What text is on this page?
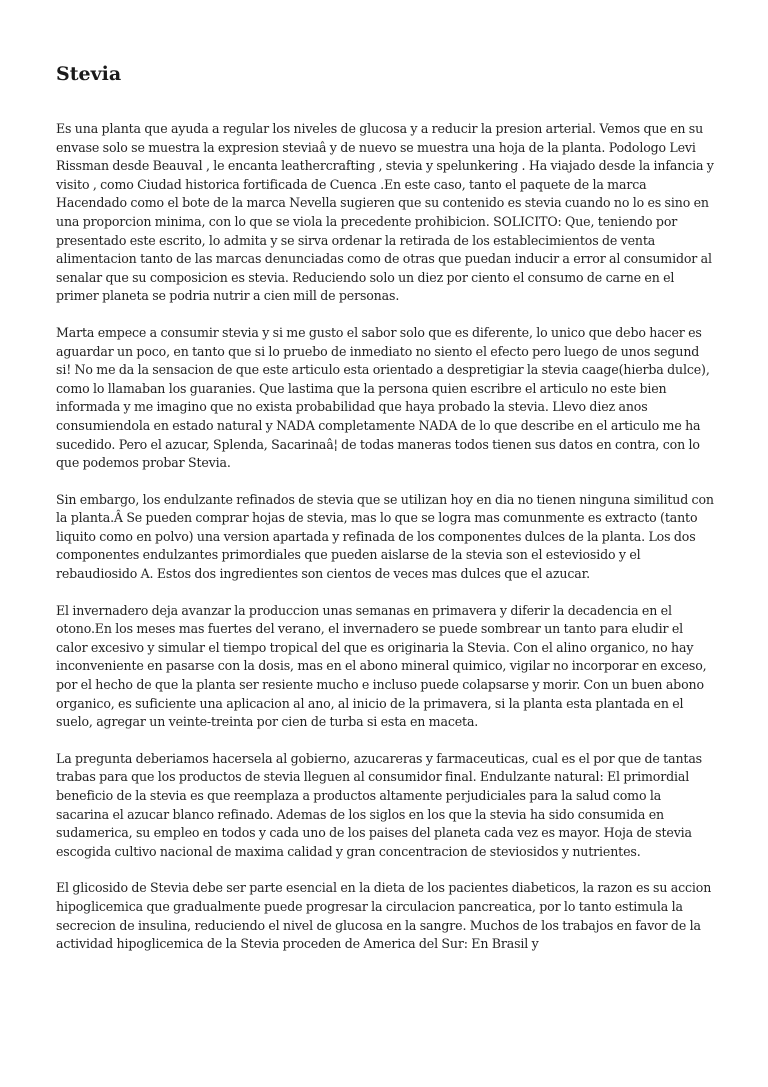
Stevia

Es una planta que ayuda a regular los niveles de glucosa y a reducir la presion arterial. Vemos que en su envase solo se muestra la expresion steviaâ y de nuevo se muestra una hoja de la planta. Podologo Levi Rissman desde Beauval , le encanta leathercrafting , stevia y spelunkering . Ha viajado desde la infancia y visito , como Ciudad historica fortificada de Cuenca .En este caso, tanto el paquete de la marca Hacendado como el bote de la marca Nevella sugieren que su contenido es stevia cuando no lo es sino en una proporcion minima, con lo que se viola la precedente prohibicion. SOLICITO: Que, teniendo por presentado este escrito, lo admita y se sirva ordenar la retirada de los establecimientos de venta alimentacion tanto de las marcas denunciadas como de otras que puedan inducir a error al consumidor al senalar que su composicion es stevia. Reduciendo solo un diez por ciento el consumo de carne en el primer planeta se podria nutrir a cien mill de personas.

Marta empece a consumir stevia y si me gusto el sabor solo que es diferente, lo unico que debo hacer es aguardar un poco, en tanto que si lo pruebo de inmediato no siento el efecto pero luego de unos segund si! No me da la sensacion de que este articulo esta orientado a despretigiar la stevia caage(hierba dulce), como lo llamaban los guaranies. Que lastima que la persona quien escribre el articulo no este bien informada y me imagino que no exista probabilidad que haya probado la stevia. Llevo diez anos consumiendola en estado natural y NADA completamente NADA de lo que describe en el articulo me ha sucedido. Pero el azucar, Splenda, Sacarinaâ¦ de todas maneras todos tienen sus datos en contra, con lo que podemos probar Stevia.

Sin embargo, los endulzante refinados de stevia que se utilizan hoy en dia no tienen ninguna similitud con la planta.Â Se pueden comprar hojas de stevia, mas lo que se logra mas comunmente es extracto (tanto liquito como en polvo) una version apartada y refinada de los componentes dulces de la planta. Los dos componentes endulzantes primordiales que pueden aislarse de la stevia son el esteviosido y el rebaudiosido A. Estos dos ingredientes son cientos de veces mas dulces que el azucar.

El invernadero deja avanzar la produccion unas semanas en primavera y diferir la decadencia en el otono.En los meses mas fuertes del verano, el invernadero se puede sombrear un tanto para eludir el calor excesivo y simular el tiempo tropical del que es originaria la Stevia. Con el alino organico, no hay inconveniente en pasarse con la dosis, mas en el abono mineral quimico, vigilar no incorporar en exceso, por el hecho de que la planta ser resiente mucho e incluso puede colapsarse y morir. Con un buen abono organico, es suficiente una aplicacion al ano, al inicio de la primavera, si la planta esta plantada en el suelo, agregar un veinte-treinta por cien de turba si esta en maceta.

La pregunta deberiamos hacersela al gobierno, azucareras y farmaceuticas, cual es el por que de tantas trabas para que los productos de stevia lleguen al consumidor final. Endulzante natural: El primordial beneficio de la stevia es que reemplaza a productos altamente perjudiciales para la salud como la sacarina el azucar blanco refinado. Ademas de los siglos en los que la stevia ha sido consumida en sudamerica, su empleo en todos y cada uno de los paises del planeta cada vez es mayor. Hoja de stevia escogida cultivo nacional de maxima calidad y gran concentracion de steviosidos y nutrientes.

El glicosido de Stevia debe ser parte esencial en la dieta de los pacientes diabeticos, la razon es su accion hipoglicemica que gradualmente puede progresar la circulacion pancreatica, por lo tanto estimula la secrecion de insulina, reduciendo el nivel de glucosa en la sangre. Muchos de los trabajos en favor de la actividad hipoglicemica de la Stevia proceden de America del Sur: En Brasil y
